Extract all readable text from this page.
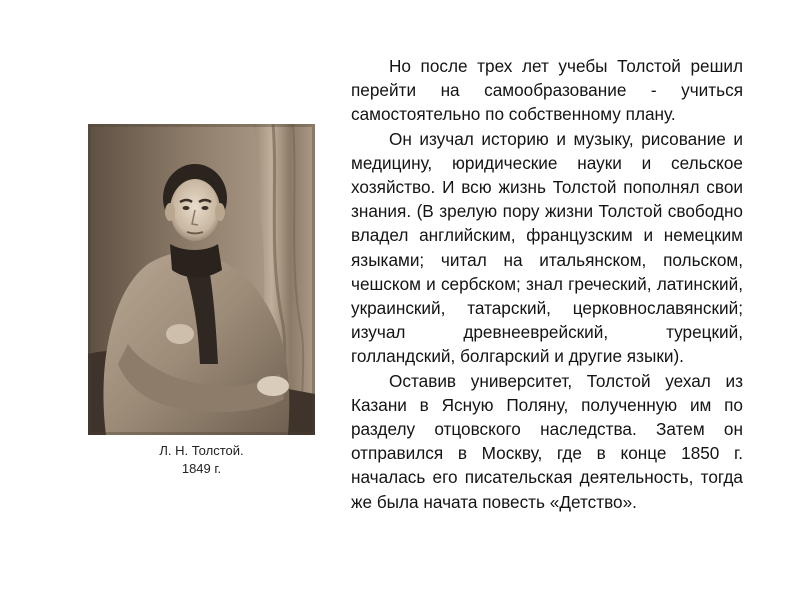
Л. Н. Толстой.
1849 г.

Но после трех лет учебы Толстой решил перейти на самообразование - учиться самостоятельно по собственному плану.

Он изучал историю и музыку, рисование и медицину, юридические науки и сельское хозяйство. И всю жизнь Толстой пополнял свои знания. (В зрелую пору жизни Толстой свободно владел английским, французским и немецким языками; читал на итальянском, польском, чешском и сербском; знал греческий, латинский, украинский, татарский, церковнославянский; изучал древнееврейский, турецкий, голландский, болгарский и другие языки).

Оставив университет, Толстой уехал из Казани в Ясную Поляну, полученную им по разделу отцовского наследства. Затем он отправился в Москву, где в конце 1850 г. началась его писательская деятельность, тогда же была начата повесть «Детство».
